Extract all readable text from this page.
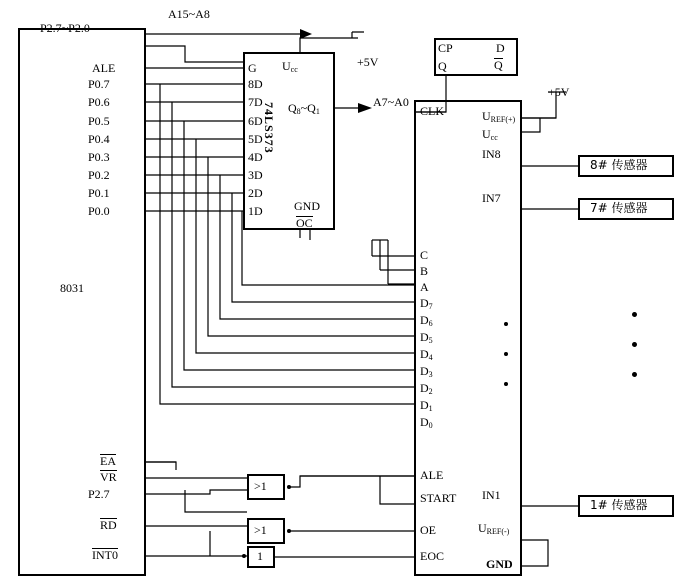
P2.7~P2.0
A15~A8
A7~A0
ALE
P0.7
P0.6
P0.5
P0.4
P0.3
P0.2
P0.1
P0.0
8031
EA
VR
P2.7
RD
INT0
G
8D
7D
6D
5D
4D
3D
2D
1D	GND
OC
$U_{cc}$
$Q_8\sim Q_1$
74LS373
+5V
CP
Q
D
Q
CLK
C
B
A
$D_7$
$D_6$
$D_5$
$D_4$
$D_3$
$D_2$
$D_1$
$D_0$
ALE
START
OE
EOC
$U_{REF(+)}$
$U_{cc}$
IN8
IN7
IN1
$U_{REF(-)}$
GND
+5V
>1
>1
1
8# 传感器
7# 传感器
1# 传感器
